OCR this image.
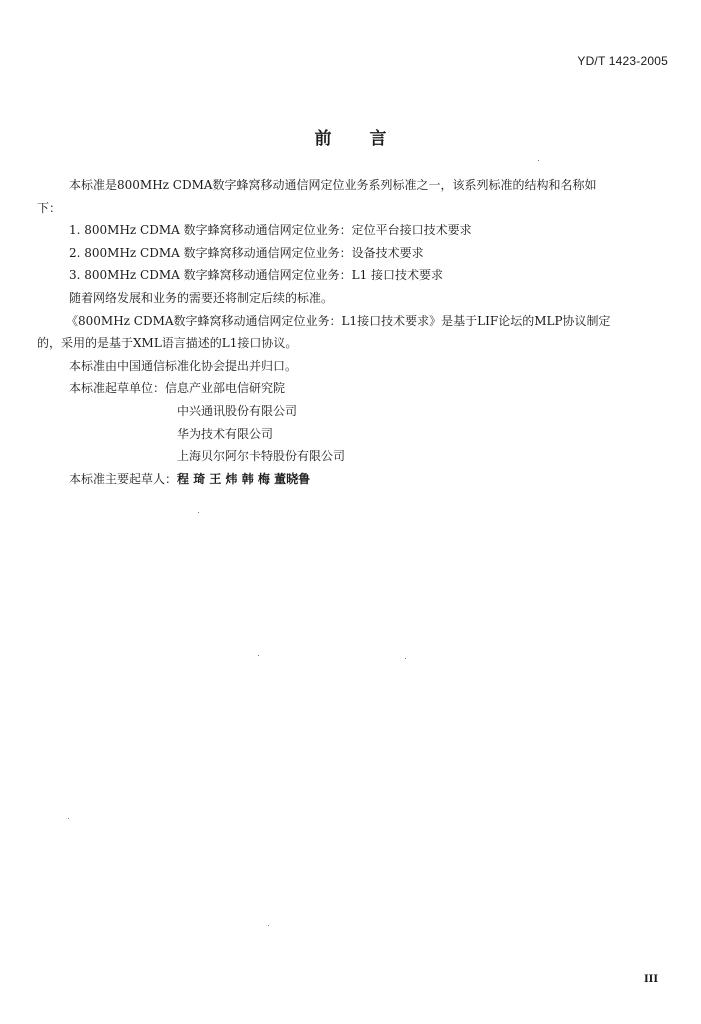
YD/T 1423-2005
前言
本标准是800MHz CDMA数字蜂窝移动通信网定位业务系列标准之一，该系列标准的结构和名称如
下：
1. 800MHz CDMA 数字蜂窝移动通信网定位业务：定位平台接口技术要求
2. 800MHz CDMA 数字蜂窝移动通信网定位业务：设备技术要求
3. 800MHz CDMA 数字蜂窝移动通信网定位业务：L1 接口技术要求
随着网络发展和业务的需要还将制定后续的标准。
《800MHz CDMA数字蜂窝移动通信网定位业务：L1接口技术要求》是基于LIF论坛的MLP协议制定
的，采用的是基于XML语言描述的L1接口协议。
本标准由中国通信标准化协会提出并归口。
本标准起草单位：信息产业部电信研究院
中兴通讯股份有限公司
华为技术有限公司
上海贝尔阿尔卡特股份有限公司
本标准主要起草人：程 琦 王 炜 韩 梅 董晓鲁
III
